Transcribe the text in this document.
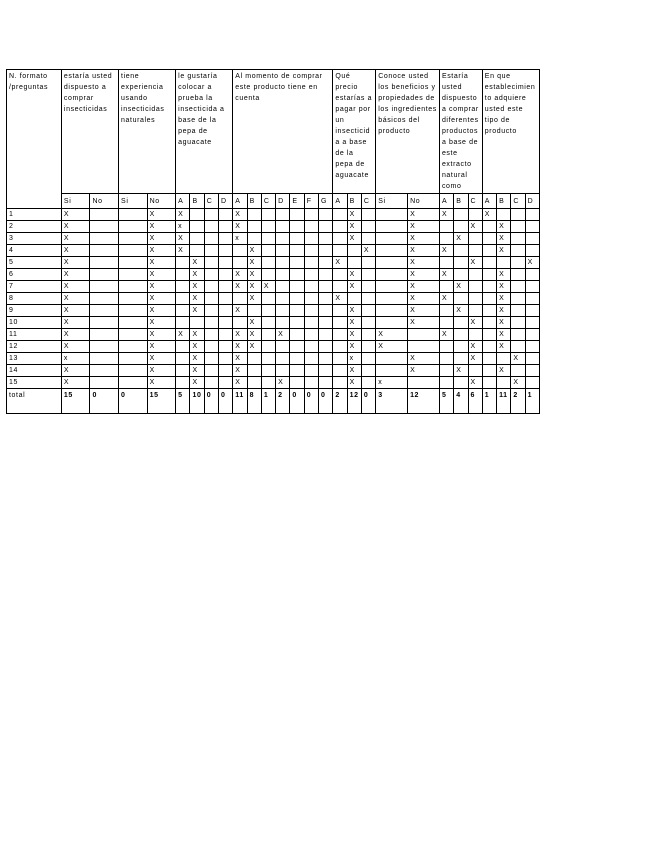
N. formato /preguntas	estaría usted dispuesto a comprar insecticidas		tiene experiencia usando insecticidas naturales		le gustaría colocar a prueba la insecticida a base de la pepa de aguacate				Al momento de comprar este producto tiene en cuenta							Qué precio estarías a pagar por un insecticida a base de la pepa de aguacate			Conoce usted los beneficios y propiedades de los ingredientes básicos del producto		Estaría usted dispuesto a comprar diferentes productos a base de este extracto natural como			En que establecimiento adquiere usted este tipo de producto			
	Si	No	Si	No	A	B	C	D	A	B	C	D	E	F	G	A	B	C	Si	No	A	B	C	A	B	C	D
1	X			X	X				X								X			X	X			X			
2	X			X	x				X								X			X			X		X		
3	X			X	X				x								X			X		X			X		
4	X			X	X					X								X		X	X				X		
5	X			X		X				X						X				X			X				X
6	X			X		X			X	X							X			X	X				X		
7	X			X		X			X	X	X						X			X		X			X		
8	X			X		X				X						X				X	X				X		
9	X			X		X			X								X			X		X			X		
10	X			X						X							X			X			X		X		
11	X			X	X	X			X	X		X					X		X		X				X		
12	X			X		X			X	X							X		X				X		X		
13	x			X		X			X								x			X			X			X	
14	X			X		X			X								X			X		X			X		
15	X			X		X			X			X					X		x				X			X	
total	15	0	0	15	5	10	0	0	11	8	1	2	0	0	0	2	12	0	3	12	5	4	6	1	11	2	1
